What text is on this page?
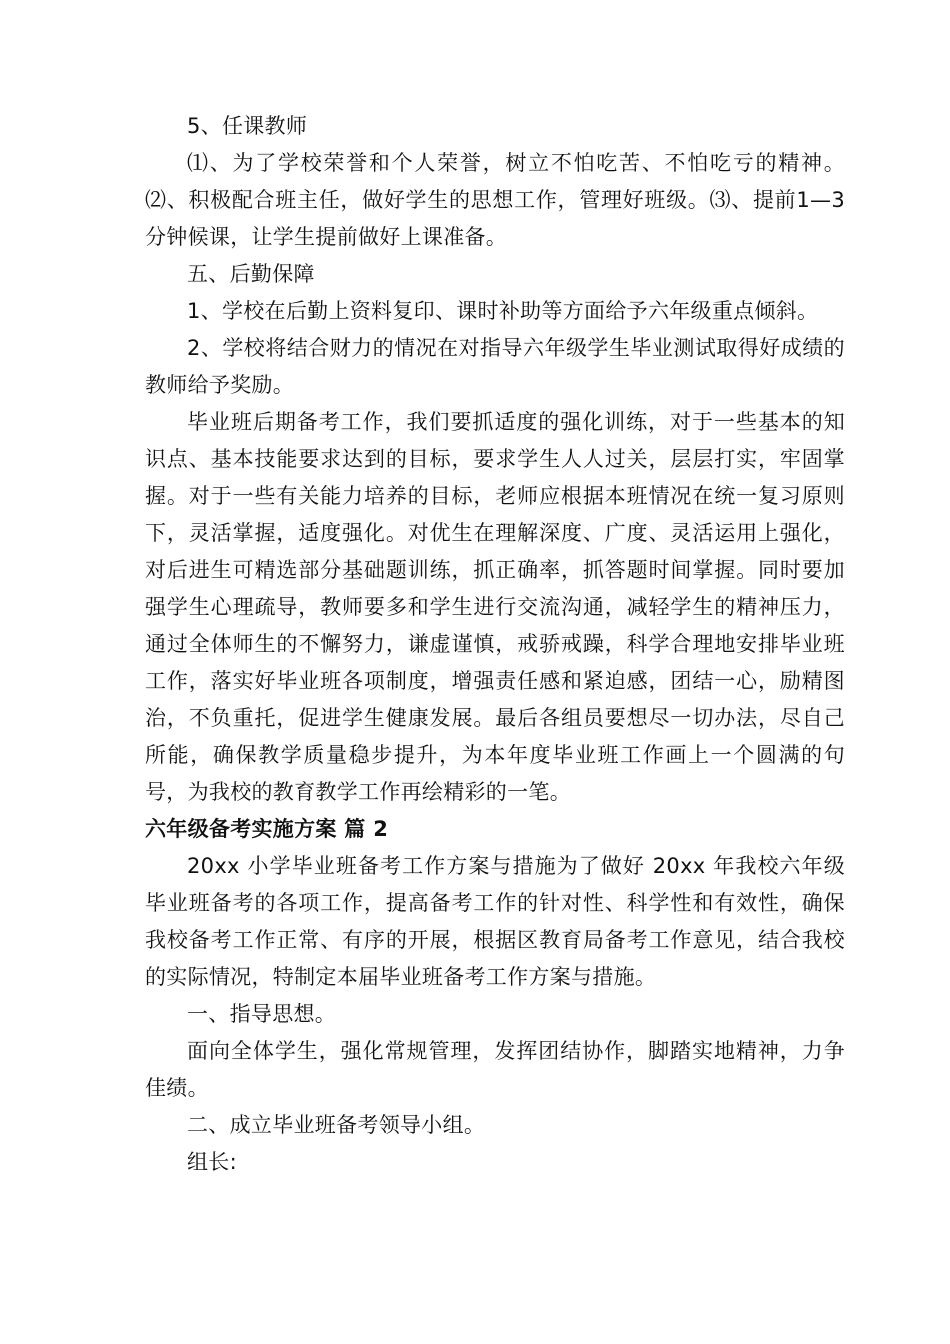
5、任课教师

⑴、为了学校荣誉和个人荣誉，树立不怕吃苦、不怕吃亏的精神。⑵、积极配合班主任，做好学生的思想工作，管理好班级。⑶、提前1—3 分钟候课，让学生提前做好上课准备。

五、后勤保障

1、学校在后勤上资料复印、课时补助等方面给予六年级重点倾斜。

2、学校将结合财力的情况在对指导六年级学生毕业测试取得好成绩的教师给予奖励。

毕业班后期备考工作，我们要抓适度的强化训练，对于一些基本的知识点、基本技能要求达到的目标，要求学生人人过关，层层打实，牢固掌握。对于一些有关能力培养的目标，老师应根据本班情况在统一复习原则下，灵活掌握，适度强化。对优生在理解深度、广度、灵活运用上强化，对后进生可精选部分基础题训练，抓正确率，抓答题时间掌握。同时要加强学生心理疏导，教师要多和学生进行交流沟通，减轻学生的精神压力，通过全体师生的不懈努力，谦虚谨慎，戒骄戒躁，科学合理地安排毕业班工作，落实好毕业班各项制度，增强责任感和紧迫感，团结一心，励精图治，不负重托，促进学生健康发展。最后各组员要想尽一切办法，尽自己所能，确保教学质量稳步提升，为本年度毕业班工作画上一个圆满的句号，为我校的教育教学工作再绘精彩的一笔。

六年级备考实施方案 篇 2

20xx 小学毕业班备考工作方案与措施为了做好 20xx 年我校六年级毕业班备考的各项工作，提高备考工作的针对性、科学性和有效性，确保我校备考工作正常、有序的开展，根据区教育局备考工作意见，结合我校的实际情况，特制定本届毕业班备考工作方案与措施。

一、指导思想。

面向全体学生，强化常规管理，发挥团结协作，脚踏实地精神，力争佳绩。

二、成立毕业班备考领导小组。

组长:
